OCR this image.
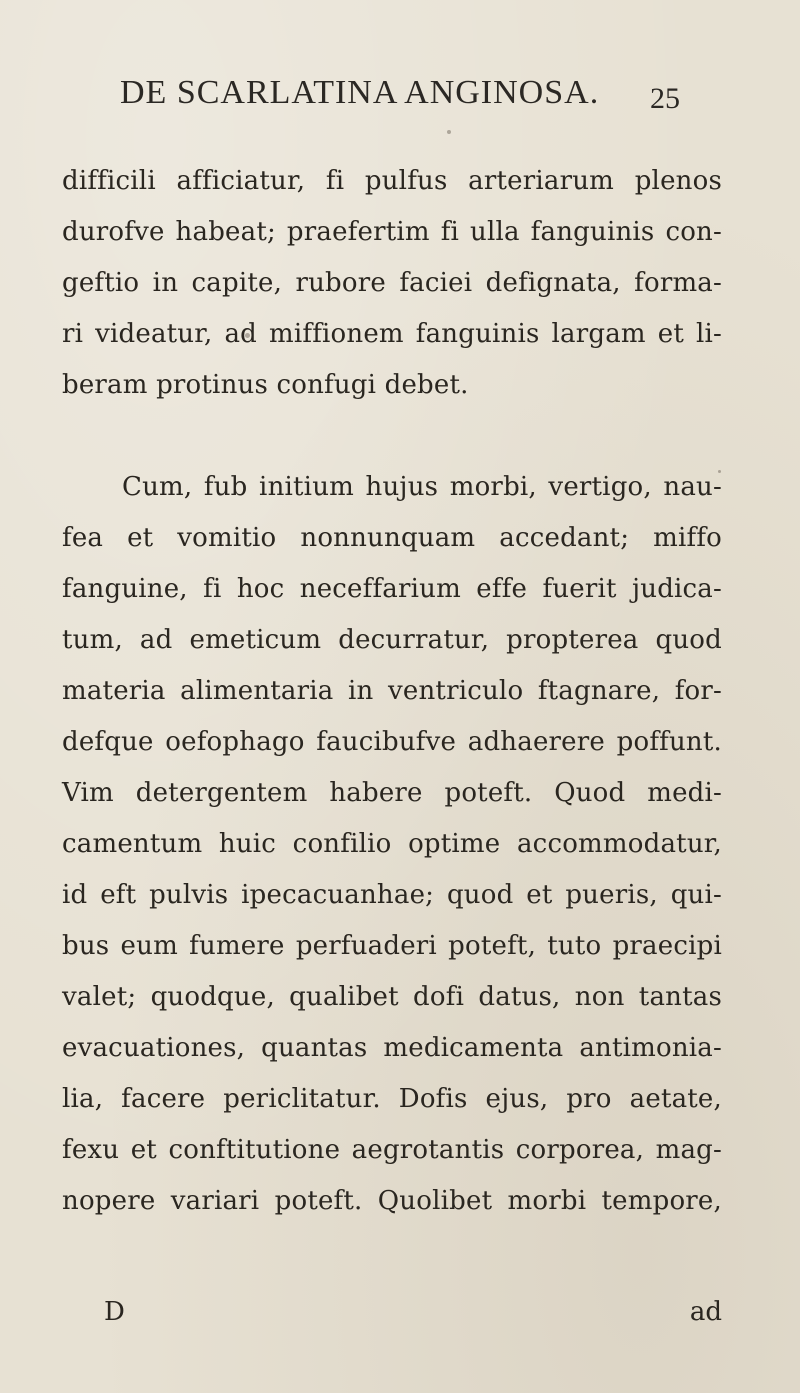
DE SCARLATINA ANGINOSA. 25
difficili afficiatur, fi pulfus arteriarum plenos
durofve habeat; praefertim fi ulla fanguinis con-
geftio in capite, rubore faciei defignata, forma-
ri videatur, ad miffionem fanguinis largam et li-
beram protinus confugi debet.
Cum, fub initium hujus morbi, vertigo, nau-
fea et vomitio nonnunquam accedant; miffo
fanguine, fi hoc neceffarium effe fuerit judica-
tum, ad emeticum decurratur, propterea quod
materia alimentaria in ventriculo ftagnare, for-
defque oefophago faucibufve adhaerere poffunt.
Vim detergentem habere poteft. Quod medi-
camentum huic confilio optime accommodatur,
id eft pulvis ipecacuanhae; quod et pueris, qui-
bus eum fumere perfuaderi poteft, tuto praecipi
valet; quodque, qualibet dofi datus, non tantas
evacuationes, quantas medicamenta antimonia-
lia, facere periclitatur. Dofis ejus, pro aetate,
fexu et conftitutione aegrotantis corporea, mag-
nopere variari poteft. Quolibet morbi tempore,
D	ad
